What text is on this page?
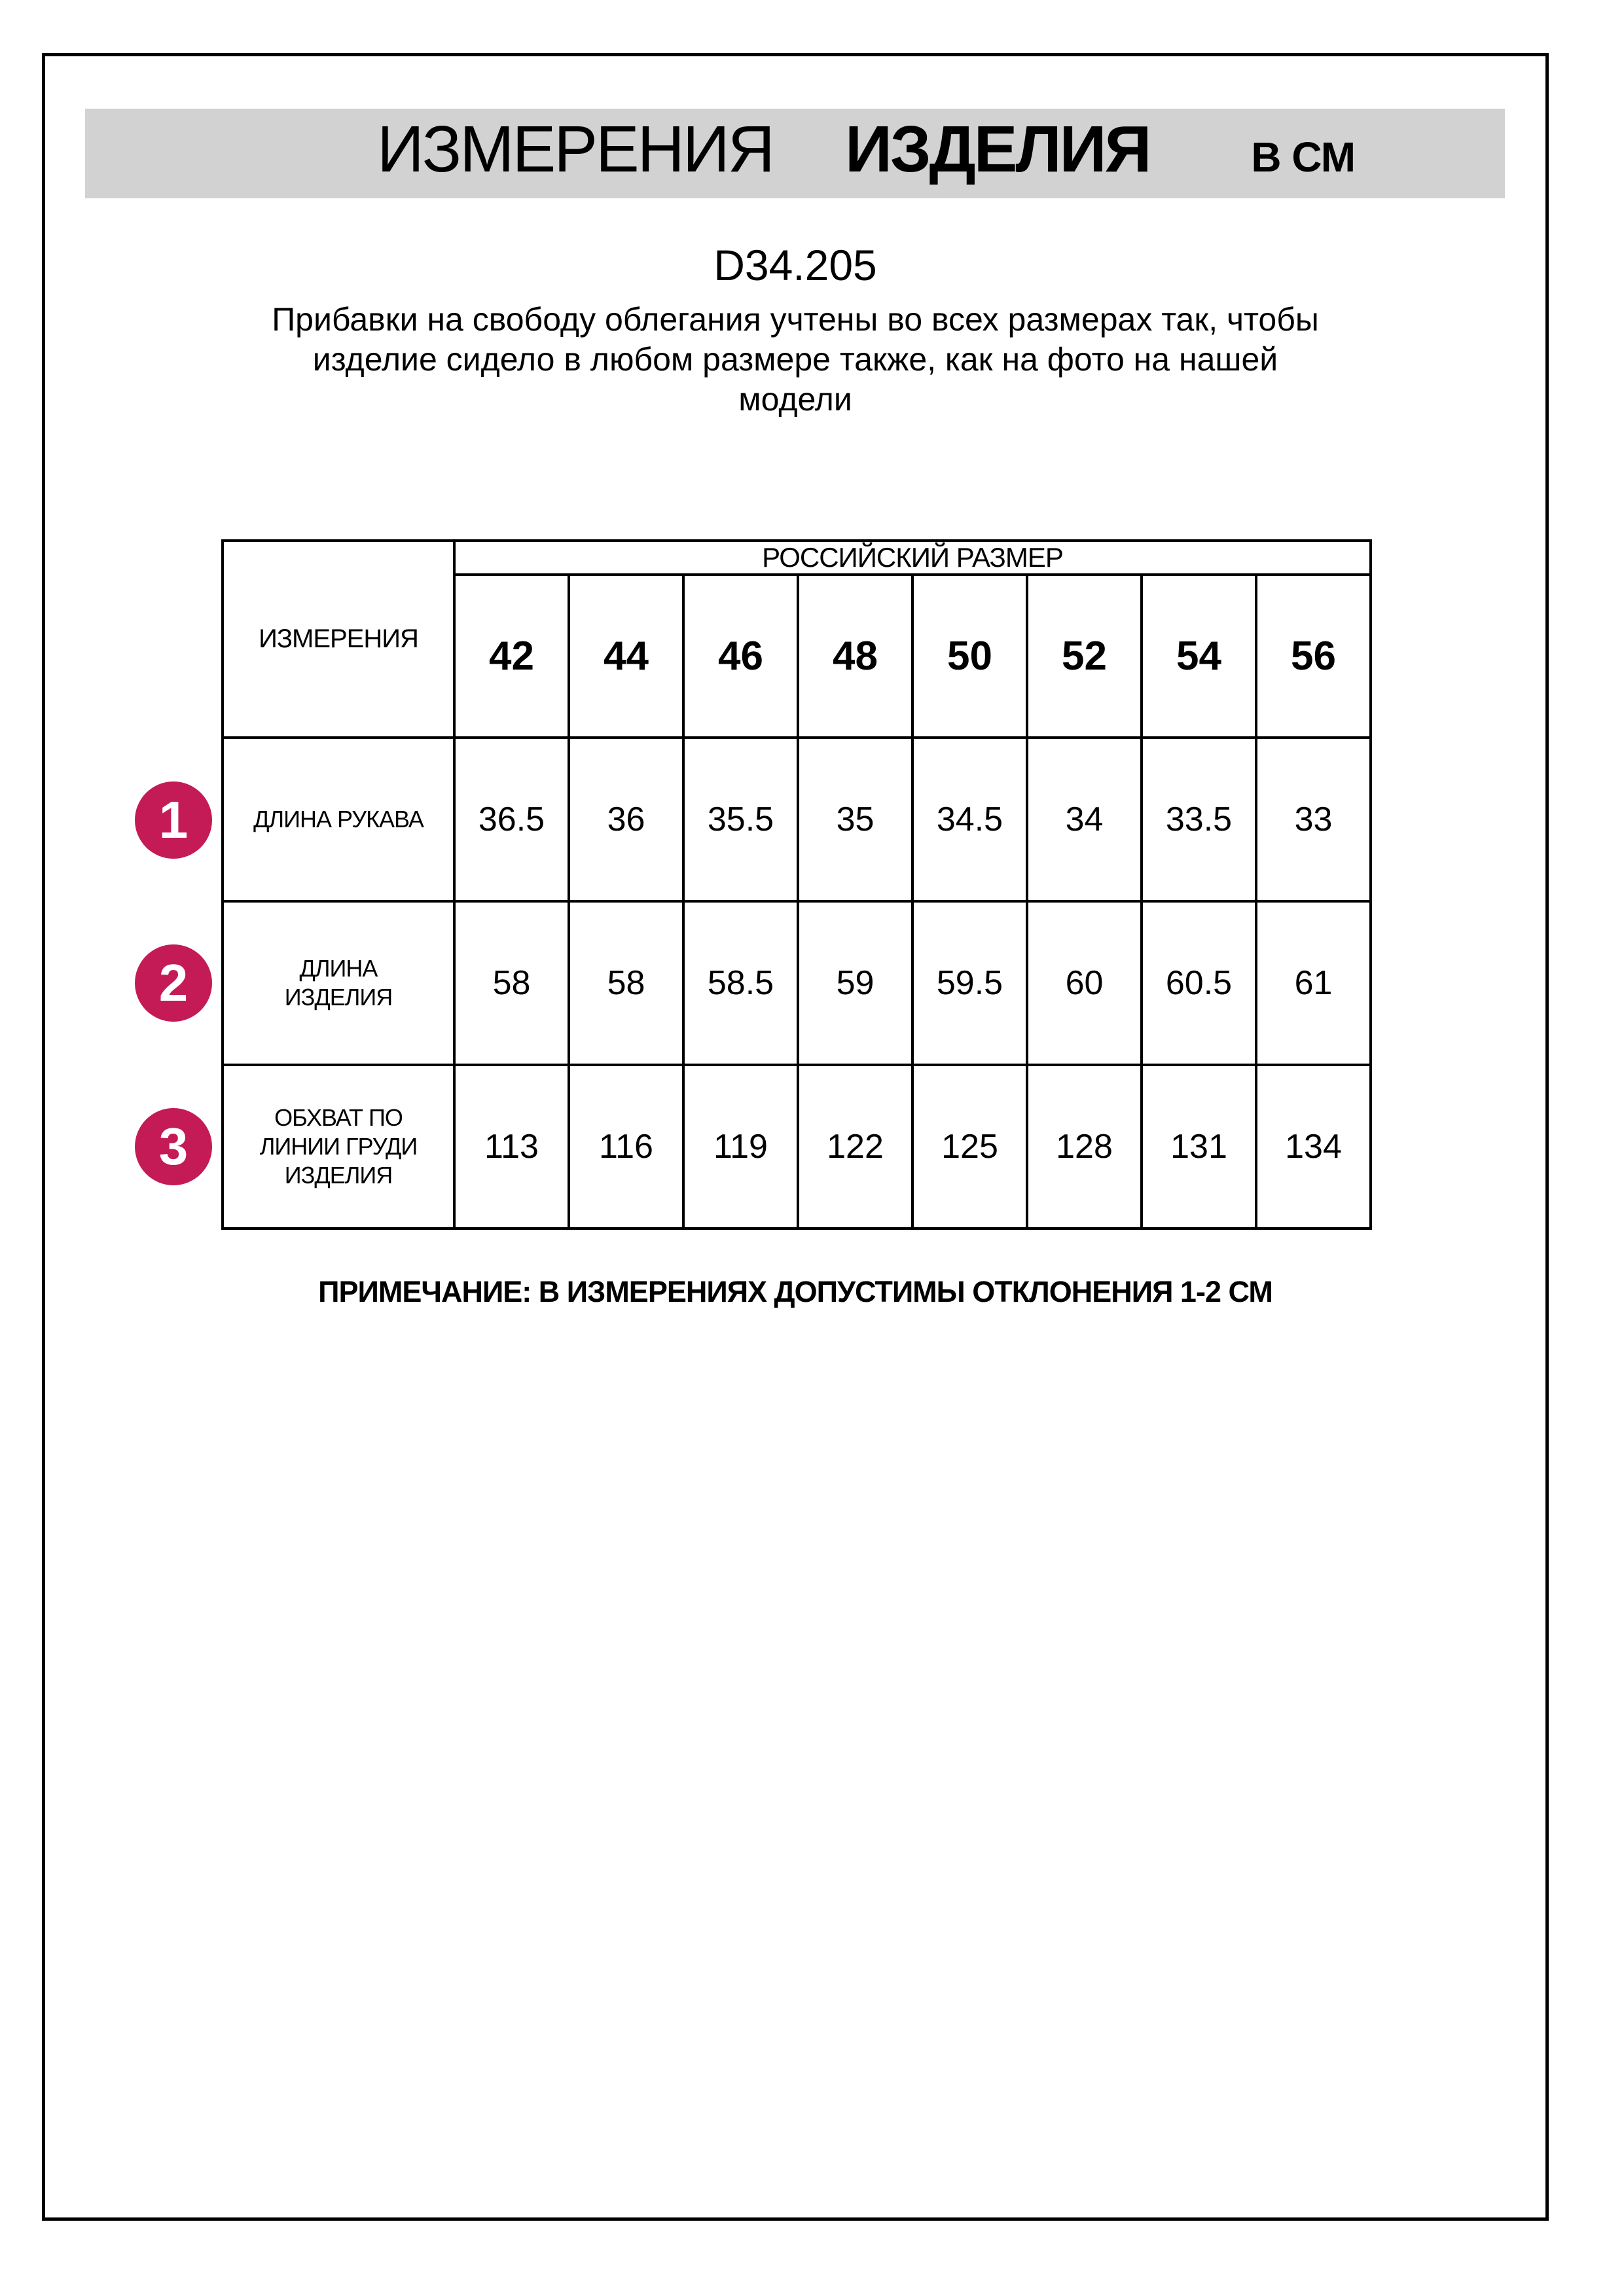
ИЗМЕРЕНИЯ ИЗДЕЛИЯ В СМ
D34.205
Прибавки на свободу облегания учтены во всех размерах так, чтобы
изделие сидело в любом размере также, как на фото на нашей
модели
ИЗМЕРЕНИЯ	РОССИЙСКИЙ РАЗМЕР							
	42	44	46	48	50	52	54	56

ДЛИНА РУКАВА	36.5	36	35.5	35	34.5	34	33.5	33

ДЛИНА
ИЗДЕЛИЯ	58	58	58.5	59	59.5	60	60.5	61

ОБХВАТ ПО
ЛИНИИ ГРУДИ
ИЗДЕЛИЯ	113	116	119	122	125	128	131	134
1
2
3
ПРИМЕЧАНИЕ: В ИЗМЕРЕНИЯХ ДОПУСТИМЫ ОТКЛОНЕНИЯ 1-2 СМ
